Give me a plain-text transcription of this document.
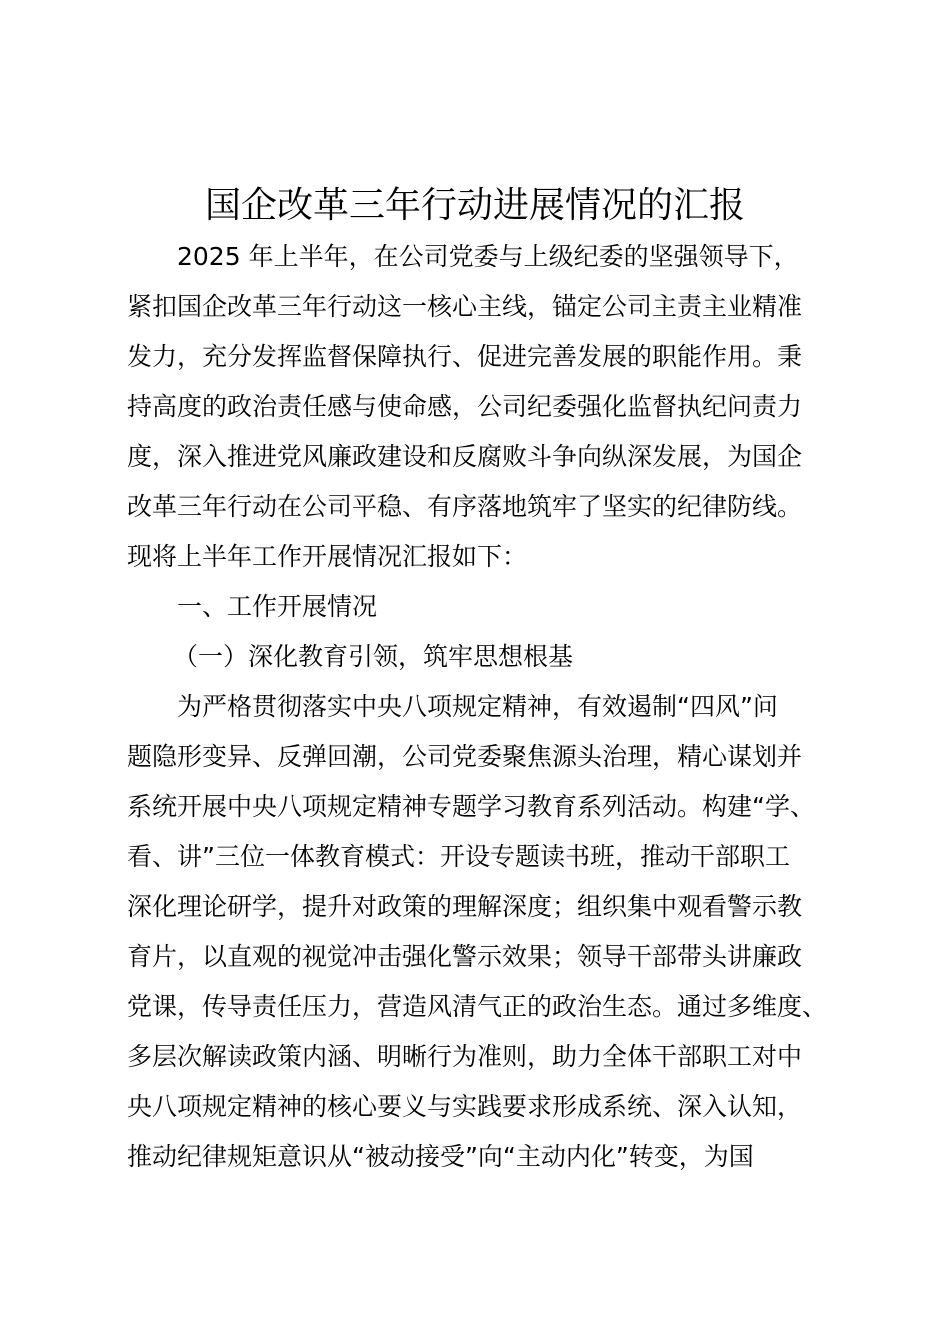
国企改革三年行动进展情况的汇报
2025 年上半年，在公司党委与上级纪委的坚强领导下，
紧扣国企改革三年行动这一核心主线，锚定公司主责主业精准
发力，充分发挥监督保障执行、促进完善发展的职能作用。秉
持高度的政治责任感与使命感，公司纪委强化监督执纪问责力
度，深入推进党风廉政建设和反腐败斗争向纵深发展，为国企
改革三年行动在公司平稳、有序落地筑牢了坚实的纪律防线。
现将上半年工作开展情况汇报如下：
一、工作开展情况
（一）深化教育引领，筑牢思想根基
为严格贯彻落实中央八项规定精神，有效遏制“四风”问
题隐形变异、反弹回潮，公司党委聚焦源头治理，精心谋划并
系统开展中央八项规定精神专题学习教育系列活动。构建“学、
看、讲”三位一体教育模式：开设专题读书班，推动干部职工
深化理论研学，提升对政策的理解深度；组织集中观看警示教
育片，以直观的视觉冲击强化警示效果；领导干部带头讲廉政
党课，传导责任压力，营造风清气正的政治生态。通过多维度、
多层次解读政策内涵、明晰行为准则，助力全体干部职工对中
央八项规定精神的核心要义与实践要求形成系统、深入认知，
推动纪律规矩意识从“被动接受”向“主动内化”转变，为国
